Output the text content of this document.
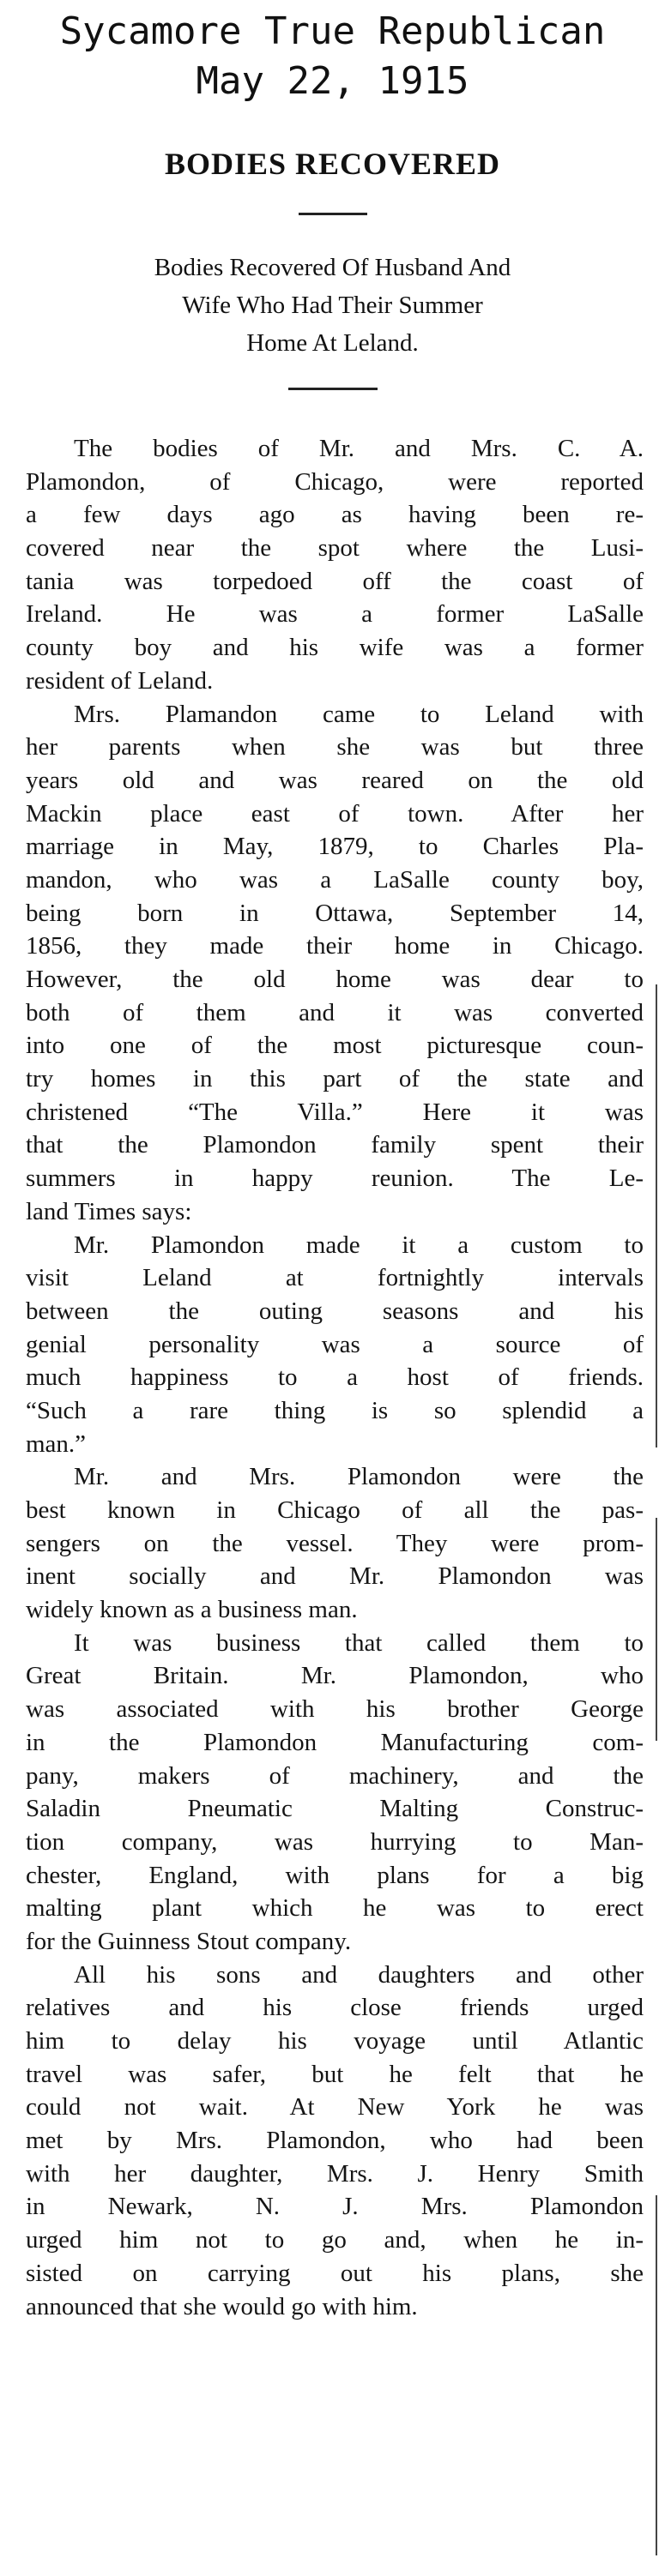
Sycamore True Republican
May 22, 1915
BODIES RECOVERED
Bodies Recovered Of Husband And
Wife Who Had Their Summer
Home At Leland.
The bodies of Mr. and Mrs. C. A.
Plamondon, of Chicago, were reported
a few days ago as having been re-
covered near the spot where the Lusi-
tania was torpedoed off the coast of
Ireland. He was a former LaSalle
county boy and his wife was a former
resident of Leland.
Mrs. Plamandon came to Leland with
her parents when she was but three
years old and was reared on the old
Mackin place east of town. After her
marriage in May, 1879, to Charles Pla-
mandon, who was a LaSalle county boy,
being born in Ottawa, September 14,
1856, they made their home in Chicago.
However, the old home was dear to
both of them and it was converted
into one of the most picturesque coun-
try homes in this part of the state and
christened “The Villa.” Here it was
that the Plamondon family spent their
summers in happy reunion. The Le-
land Times says:
Mr. Plamondon made it a custom to
visit Leland at fortnightly intervals
between the outing seasons and his
genial personality was a source of
much happiness to a host of friends.
“Such a rare thing is so splendid a
man.”
Mr. and Mrs. Plamondon were the
best known in Chicago of all the pas-
sengers on the vessel. They were prom-
inent socially and Mr. Plamondon was
widely known as a business man.
It was business that called them to
Great Britain. Mr. Plamondon, who
was associated with his brother George
in the Plamondon Manufacturing com-
pany, makers of machinery, and the
Saladin Pneumatic Malting Construc-
tion company, was hurrying to Man-
chester, England, with plans for a big
malting plant which he was to erect
for the Guinness Stout company.
All his sons and daughters and other
relatives and his close friends urged
him to delay his voyage until Atlantic
travel was safer, but he felt that he
could not wait. At New York he was
met by Mrs. Plamondon, who had been
with her daughter, Mrs. J. Henry Smith
in Newark, N. J. Mrs. Plamondon
urged him not to go and, when he in-
sisted on carrying out his plans, she
announced that she would go with him.
